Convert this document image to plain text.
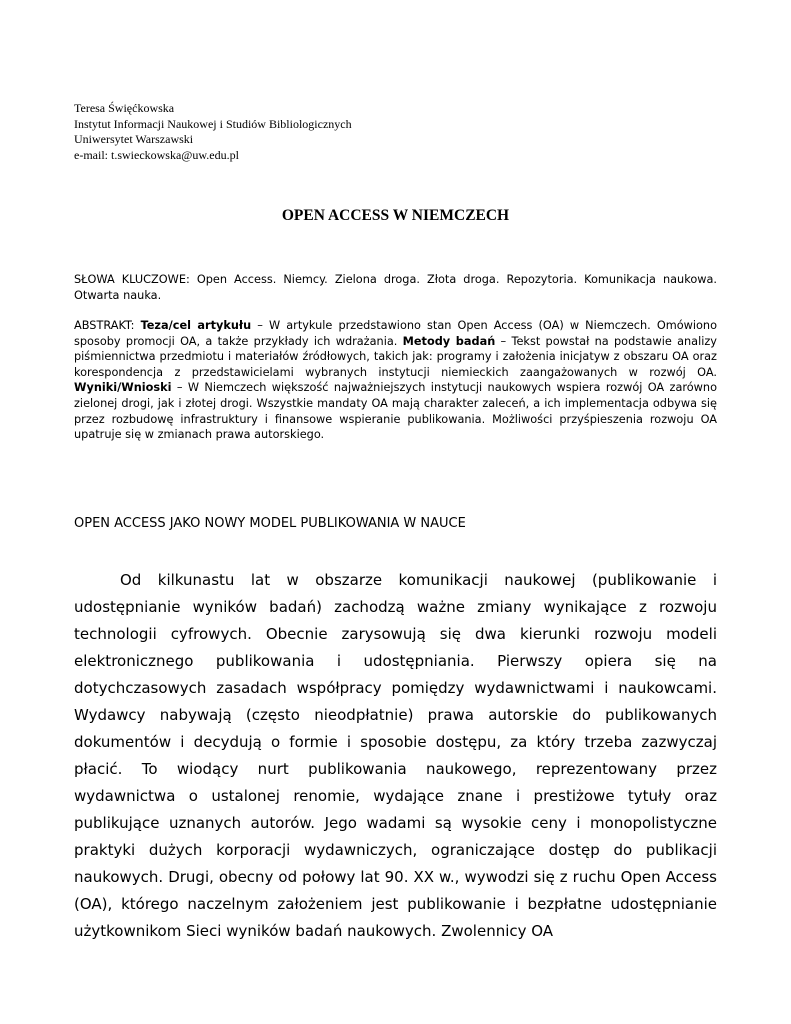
Teresa Święćkowska
Instytut Informacji Naukowej i Studiów Bibliologicznych
Uniwersytet Warszawski
e-mail: t.swieckowska@uw.edu.pl
OPEN ACCESS W NIEMCZECH
SŁOWA KLUCZOWE: Open Access. Niemcy. Zielona droga. Złota droga. Repozytoria. Komunikacja naukowa. Otwarta nauka.
ABSTRAKT: Teza/cel artykułu – W artykule przedstawiono stan Open Access (OA) w Niemczech. Omówiono sposoby promocji OA, a także przykłady ich wdrażania. Metody badań – Tekst powstał na podstawie analizy piśmiennictwa przedmiotu i materiałów źródłowych, takich jak: programy i założenia inicjatyw z obszaru OA oraz korespondencja z przedstawicielami wybranych instytucji niemieckich zaangażowanych w rozwój OA. Wyniki/Wnioski – W Niemczech większość najważniejszych instytucji naukowych wspiera rozwój OA zarówno zielonej drogi, jak i złotej drogi. Wszystkie mandaty OA mają charakter zaleceń, a ich implementacja odbywa się przez rozbudowę infrastruktury i finansowe wspieranie publikowania. Możliwości przyśpieszenia rozwoju OA upatruje się w zmianach prawa autorskiego.
OPEN ACCESS JAKO NOWY MODEL PUBLIKOWANIA W NAUCE

Od kilkunastu lat w obszarze komunikacji naukowej (publikowanie i udostępnianie wyników badań) zachodzą ważne zmiany wynikające z rozwoju technologii cyfrowych. Obecnie zarysowują się dwa kierunki rozwoju modeli elektronicznego publikowania i udostępniania. Pierwszy opiera się na dotychczasowych zasadach współpracy pomiędzy wydawnictwami i naukowcami. Wydawcy nabywają (często nieodpłatnie) prawa autorskie do publikowanych dokumentów i decydują o formie i sposobie dostępu, za który trzeba zazwyczaj płacić. To wiodący nurt publikowania naukowego, reprezentowany przez wydawnictwa o ustalonej renomie, wydające znane i prestiżowe tytuły oraz publikujące uznanych autorów. Jego wadami są wysokie ceny i monopolistyczne praktyki dużych korporacji wydawniczych, ograniczające dostęp do publikacji naukowych. Drugi, obecny od połowy lat 90. XX w., wywodzi się z ruchu Open Access (OA), którego naczelnym założeniem jest publikowanie i bezpłatne udostępnianie użytkownikom Sieci wyników badań naukowych. Zwolennicy OA
